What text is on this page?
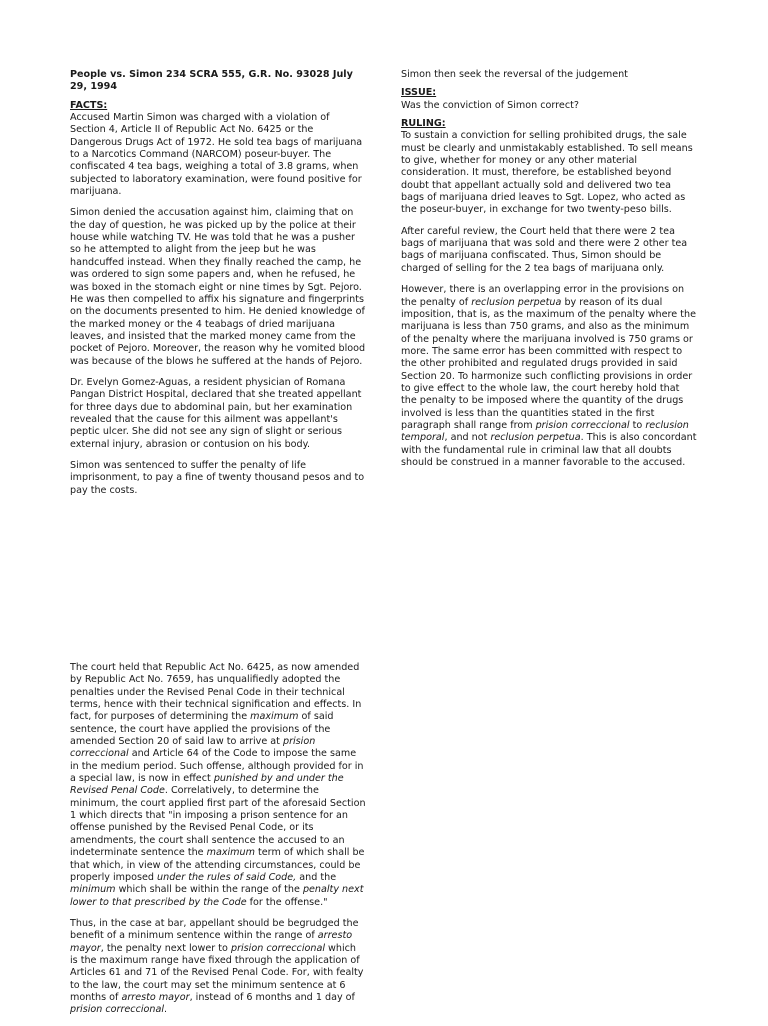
People vs. Simon 234 SCRA 555, G.R. No. 93028 July 29, 1994
FACTS:

Accused Martin Simon was charged with a violation of Section 4, Article II of Republic Act No. 6425 or the Dangerous Drugs Act of 1972. He sold tea bags of marijuana to a Narcotics Command (NARCOM) poseur-buyer. The confiscated 4 tea bags, weighing a total of 3.8 grams, when subjected to laboratory examination, were found positive for marijuana.

Simon denied the accusation against him, claiming that on the day of question, he was picked up by the police at their house while watching TV. He was told that he was a pusher so he attempted to alight from the jeep but he was handcuffed instead. When they finally reached the camp, he was ordered to sign some papers and, when he refused, he was boxed in the stomach eight or nine times by Sgt. Pejoro. He was then compelled to affix his signature and fingerprints on the documents presented to him. He denied knowledge of the marked money or the 4 teabags of dried marijuana leaves, and insisted that the marked money came from the pocket of Pejoro. Moreover, the reason why he vomited blood was because of the blows he suffered at the hands of Pejoro.

Dr. Evelyn Gomez-Aguas, a resident physician of Romana Pangan District Hospital, declared that she treated appellant for three days due to abdominal pain, but her examination revealed that the cause for this ailment was appellant's peptic ulcer. She did not see any sign of slight or serious external injury, abrasion or contusion on his body.

Simon was sentenced to suffer the penalty of life imprisonment, to pay a fine of twenty thousand pesos and to pay the costs.

Simon then seek the reversal of the judgement

ISSUE:

Was the conviction of Simon correct?

RULING:

To sustain a conviction for selling prohibited drugs, the sale must be clearly and unmistakably established. To sell means to give, whether for money or any other material consideration. It must, therefore, be established beyond doubt that appellant actually sold and delivered two tea bags of marijuana dried leaves to Sgt. Lopez, who acted as the poseur-buyer, in exchange for two twenty-peso bills.

After careful review, the Court held that there were 2 tea bags of marijuana that was sold and there were 2 other tea bags of marijuana confiscated. Thus, Simon should be charged of selling for the 2 tea bags of marijuana only.

However, there is an overlapping error in the provisions on the penalty of reclusion perpetua by reason of its dual imposition, that is, as the maximum of the penalty where the marijuana is less than 750 grams, and also as the minimum of the penalty where the marijuana involved is 750 grams or more. The same error has been committed with respect to the other prohibited and regulated drugs provided in said Section 20. To harmonize such conflicting provisions in order to give effect to the whole law, the court hereby hold that the penalty to be imposed where the quantity of the drugs involved is less than the quantities stated in the first paragraph shall range from prision correccional to reclusion temporal, and not reclusion perpetua. This is also concordant with the fundamental rule in criminal law that all doubts should be construed in a manner favorable to the accused.

The court held that Republic Act No. 6425, as now amended by Republic Act No. 7659, has unqualifiedly adopted the penalties under the Revised Penal Code in their technical terms, hence with their technical signification and effects. In fact, for purposes of determining the maximum of said sentence, the court have applied the provisions of the amended Section 20 of said law to arrive at prision correccional and Article 64 of the Code to impose the same in the medium period. Such offense, although provided for in a special law, is now in effect punished by and under the Revised Penal Code. Correlatively, to determine the minimum, the court applied first part of the aforesaid Section 1 which directs that "in imposing a prison sentence for an offense punished by the Revised Penal Code, or its amendments, the court shall sentence the accused to an indeterminate sentence the maximum term of which shall be that which, in view of the attending circumstances, could be properly imposed under the rules of said Code, and the minimum which shall be within the range of the penalty next lower to that prescribed by the Code for the offense."

Thus, in the case at bar, appellant should be begrudged the benefit of a minimum sentence within the range of arresto mayor, the penalty next lower to prision correccional which is the maximum range have fixed through the application of Articles 61 and 71 of the Revised Penal Code. For, with fealty to the law, the court may set the minimum sentence at 6 months of arresto mayor, instead of 6 months and 1 day of prision correccional.
